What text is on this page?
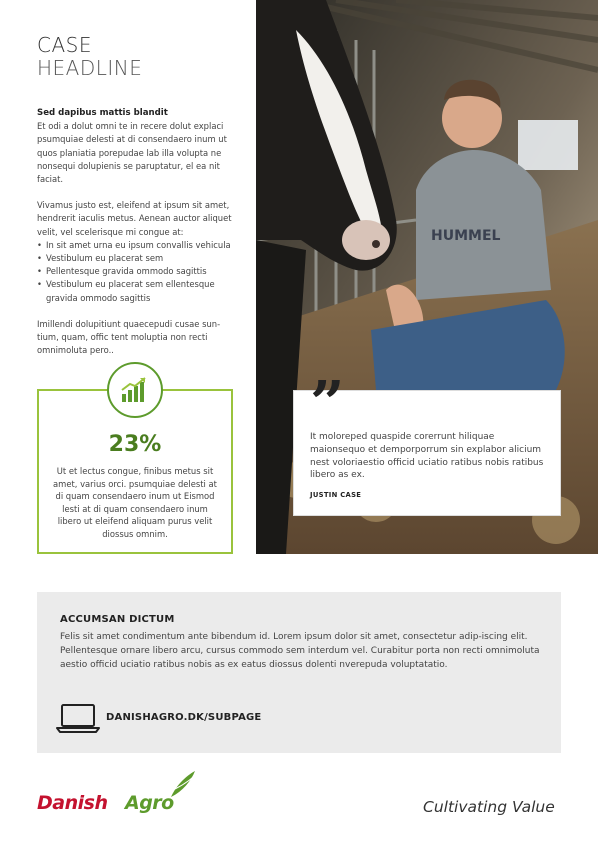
CASE
HEADLINE
Sed dapibus mattis blandit

Et odi a dolut omni te in recere dolut explaci psumquiae delesti at di consendaero inum ut quos planiatia porepudae lab illa volupta ne nonsequi dolupienis se paruptatur, el ea nit faciat.

Vivamus justo est, eleifend at ipsum sit amet, hendrerit iaculis metus. Aenean auctor aliquet velit, vel scelerisque mi congue at:

• In sit amet urna eu ipsum convallis vehicula
• Vestibulum eu placerat sem
• Pellentesque gravida ommodo sagittis
• Vestibulum eu placerat sem ellentesque gravida ommodo sagittis

Imillendi dolupitiunt quaecepudi cusae sun-tium, quam, offic tent moluptia non recti omnimoluta pero..

23%
Ut et lectus congue, finibus metus sit amet, varius orci. psumquiae delesti at di quam consendaero inum ut Eismod lesti at di quam consendaero inum libero ut eleifend aliquam purus velit diossus omnim.
HUMMEL
”
It moloreped quaspide corerrunt hiliquae maionsequo et demporporrum sin explabor alicium nest voloriaestio officid uciatio ratibus nobis ratibus libero as ex.
JUSTIN CASE
ACCUMSAN DICTUM
Felis sit amet condimentum ante bibendum id. Lorem ipsum dolor sit amet, consectetur adip-iscing elit. Pellentesque ornare libero arcu, cursus commodo sem interdum vel. Curabitur porta non recti omnimoluta aestio officid uciatio ratibus nobis as ex eatus diossus dolenti nverepuda voluptatatio.
DANISHAGRO.DK/SUBPAGE
Danish Agro	Cultivating Value
